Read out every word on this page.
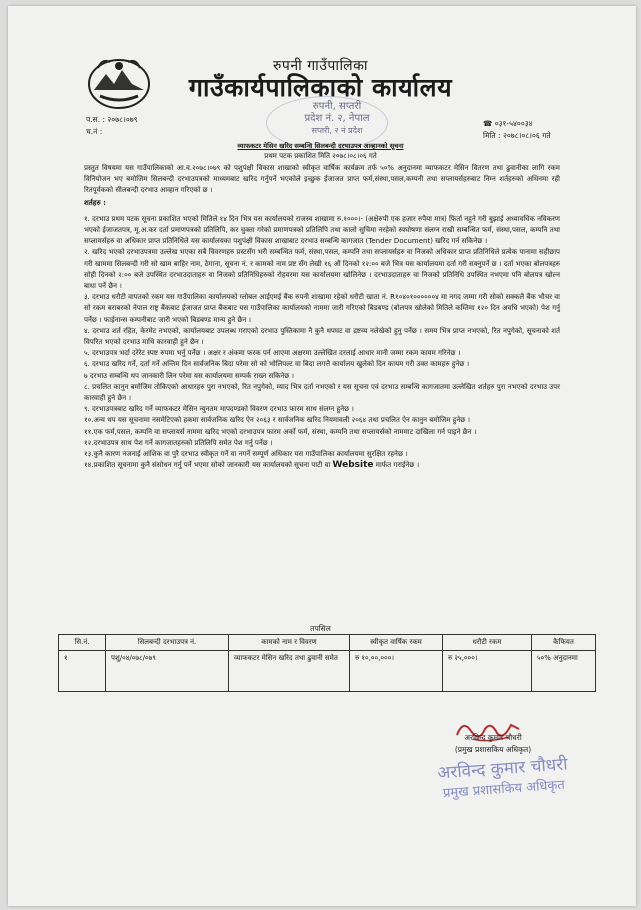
रुपनी गाउँपालिका
गाउँकार्यपालिकाको कार्यालय
रुपनी, सप्तरी
प्रदेश नं. २, नेपाल
सप्तरी, २ नं प्रदेश
प.स. : २०७८।०७९
च.नं :
☎ ०३१-५४००३४
मिति : २०७८।०८।०६ गते
व्याफकटर मेसिन खरिद सम्बन्धि सिलबन्दी दरभाउपत्र आव्हानको सूचना
प्रथम पटक प्रकाशित मिति २०७८।०८।०६ गते

प्रस्तुत विषयमा यस गाउँपालिकाको आ.व.२०७८।०७९ को पशुपंक्षी विकास शाखाको स्वीकृत वार्षिक कार्यक्रम तर्फ ५०% अनुदानमा व्याफकटर मेसिन वितरण तथा ढुवानीका लागि रकम विनियोजन भए बमोजिम सिलबन्दी दरभाउपत्रको माध्यमबाट खरिद गर्नुपर्ने भएकोले इच्छुक ईजाजत प्राप्त फर्म,संस्था,पसल,कम्पनी तथा सप्लायर्सहरुबाट निम्न शर्तहरुको अधिनमा रही रितपूर्वकको सीलबन्दी दरभाउ आव्हान गरिएको छ ।

शर्तहरु :

१. दरभाउ प्रथम पटक सूचना प्रकाशित भएको मितिले १४ दिन भित्र यस कार्यालयको राजस्व शाखामा रु.१०००।- (अक्षेरुपी एक हजार रुपैया मात्र) फिर्ता नहुने गरी बुझाई अध्यावधिक नविकरण भएको ईजाजतपत्र, मू.अ.कर दर्ता प्रमाणपत्रको प्रतिलिपि, कर चुक्ता गरेको प्रमाणपत्रको प्रतिलिपि तथा कालो सुचिमा नरहेको स्वघोषणा संलग्न राखी सम्बन्धित फर्म, संस्था,पसल, कम्पनि तथा सप्लायर्सहरु वा अधिकार प्राप्त प्रतिनिधिले यस कार्यालयका पशुपंक्षी विकास शाखाबाट दरभाउ सम्बन्धि कागजात (Tender Document) खरिद गर्न सकिनेछ ।

२. खरिद भएको दरभाउपत्रमा उल्लेख भएका सबै विवरणहरु प्रस्टसँग भरी सम्बन्धित फर्म, संस्था,पसल, कम्पनि तथा सप्लायर्सहरु वा निजको अधिकार प्राप्त प्रतिनिधिले प्रत्येक पानामा सहीछाप गरी खाममा सिलबन्दी गरी सो खाम बाहिर नाम, ठेगाना, सूचना नं. र कामको नाम प्रष्ट सँग लेखी १६ औं दिनको १२:०० बजे भित्र यस कार्यालयमा दर्ता गरी सक्नुपर्ने छ । दर्ता भएका बोलपत्रहरु सोही दिनको २:०० बजे उपस्थित दरभाउदाताहरु वा निजको प्रतिनिधिहरुको रोहवरमा यस कार्यालयमा खोलिनेछ । दरभाउदाताहरु वा निजको प्रतिनिधि उपस्थित नभएमा पनि बोलपत्र खोल्न बाधा पर्ने छैन ।

३. दरभाउ धरौटी वापतको रकम यस गाउँपालिका कार्यालयको ग्लोबल आईएमई बैंक रुपनी शाखामा रहेको धरौटी खाता नं. R१०४०१००००००४ मा नगद जम्मा गरी सोको सक्कलै बैंक भौचर वा सो रकम बराबरको नेपाल राष्ट्र बैंकबाट ईजाजत प्राप्त बैंकबाट यस गाउँपालिका कार्यालयको नाममा जारी गरिएको बिडबण्ड (बोलपत्र खोलेको मितिले कम्तिमा १२० दिन अवधि भएको) पेश गर्नु पर्नेछ । फाईनान्स कम्पनीबाट जारी भएको बिडबण्ड मान्य हुने छैन ।

४. दरभाउ शर्त रहित, केरमेट नभएको, कार्यालयबाट उपलब्ध गराएको दरभाउ पुस्तिकामा नै कुनै थपघट वा द्रष्टव्य नलेखेको हुनु पर्नेछ । समय भित्र प्राप्त नभएको, रित नपुगेको, सूचनाको शर्त विपरित भएको दरभाउ माथि कारवाही हुने छैन ।

५. दरभाउपत्र भर्दा दरेरेट स्पष्ट रुपमा भर्नु पर्नेछ । अक्षर र अंकमा फरक पर्न आएमा अक्षरमा उल्लेखित दरलाई आधार मानी जम्मा रकम कायम गरिनेछ ।

६. दरभाउ खरिद गर्ने, दर्ता गर्ने अन्तिम दिन सार्वजनिक बिदा परेमा सो को भोलिपल्ट वा बिदा लगत्तै कार्यालय खुलेको दिन कायम गरी उक्त कामहरु हुनेछ ।

७ दरभाउ सम्बन्धि थप जानकारी लिन परेमा यस कार्यालयमा सम्पर्क राख्न सकिनेछ ।

८. प्रचलित कानुन बमोजिम तोकिएको आधारहरु पुरा नभएको, रित नपुगेको, म्याद भित्र दर्ता नभएको र यस सूचना एवं दरभाउ सम्बन्धि कागजातमा उल्लेखित शर्तहरु पुरा नभएको दरभाउ उपर कारवाही हुने छैन ।

९. दरभाउपत्रबाट खरिद गर्ने व्याफकटर मेसिन न्युनतम मापदण्डको विवरण दरभाउ फारम साथ संलग्न हुनेछ ।

१०.अन्य थप यस सूचनामा नसमेटिएको हकमा सार्वजनिक खरिद ऐन २०६३ र सार्वजनिक खरिद नियमावली २०६४ तथा प्रचलित ऐन कानुन बमोजिम हुनेछ ।

११.एक फर्म,पसल, कम्पनि वा सप्लायर्स नाममा खरिद भएको दरभाउपत्र फारम अर्को फर्म, संस्था, कम्पनि तथा सप्लायर्सको नाममाट दाखिला गर्न पाइने छैन ।

१२.दरभाउपत्र साथ पेश गर्ने कागजातहरुको प्रतिलिपि समेत पेश गर्नु पर्नेछ ।

१३.कुनै कारण नजनाई आंशिक वा पुरै दरभाउ स्वीकृत गर्ने वा नगर्ने सम्पूर्ण अधिकार यस गाउँपालिका कार्यालयमा सुरक्षित रहनेछ ।

१४.प्रकाशित सूचनामा कुनै संसोधन गर्नु पर्ने भएमा सोको जानकारी यस कार्यालयको सूचना पाटी वा Website मार्फत गराईनेछ ।

तपसिल
सि.नं.	सिलबन्दी दरभाउपत्र नं.	कामको नाम र विवरण	स्वीकृत वार्षिक रकम	धरौटी रकम	कैफियत
१	पशु/०४/०७८/०७९	व्याफकटर मेसिन खरिद तथा ढुवानी समेत	रु १०,००,०००।	रु २५,०००।	५०% अनुदानमा
अरविन्द कुमार चौधरी
(प्रमुख प्रशासकिय अधिकृत)
अरविन्द कुमार चौधरी
प्रमुख प्रशासकिय अधिकृत
